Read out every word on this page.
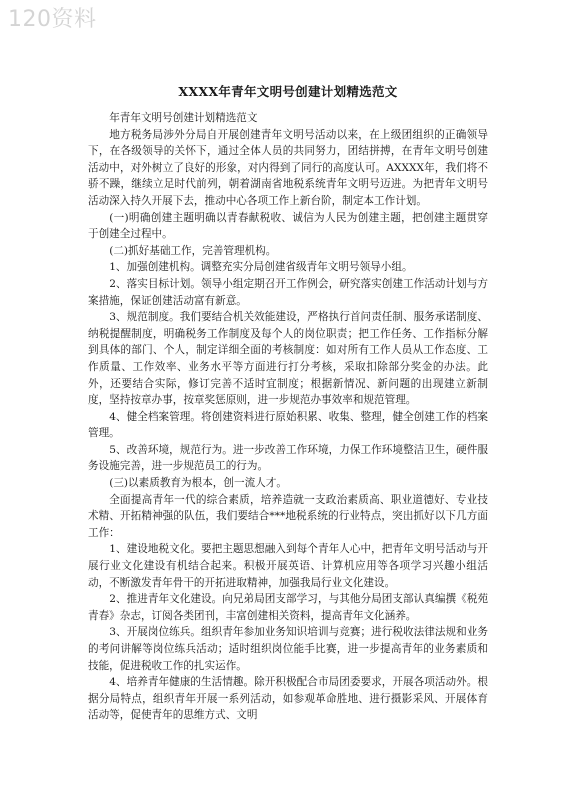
120资料
XXXX年青年文明号创建计划精选范文

年青年文明号创建计划精选范文

地方税务局涉外分局自开展创建青年文明号活动以来，在上级团组织的正确领导下，在各级领导的关怀下，通过全体人员的共同努力，团结拼搏，在青年文明号创建活动中，对外树立了良好的形象，对内得到了同行的高度认可。AXXXX年，我们将不骄不躁，继续立足时代前列，朝着湖南省地税系统青年文明号迈进。为把青年文明号活动深入持久开展下去，推动中心各项工作上新台阶，制定本工作计划。

(一)明确创建主题明确以青春献税收、诚信为人民为创建主题，把创建主题贯穿于创建全过程中。

(二)抓好基础工作，完善管理机构。

1、加强创建机构。调整充实分局创建省级青年文明号领导小组。

2、落实目标计划。领导小组定期召开工作例会，研究落实创建工作活动计划与方案措施，保证创建活动富有新意。

3、规范制度。我们要结合机关效能建设，严格执行首问责任制、服务承诺制度、纳税提醒制度，明确税务工作制度及每个人的岗位职责；把工作任务、工作指标分解到具体的部门、个人，制定详细全面的考核制度：如对所有工作人员从工作态度、工作质量、工作效率、业务水平等方面进行打分考核，采取扣除部分奖金的办法。此外，还要结合实际，修订完善不适时宜制度；根据新情况、新问题的出现建立新制度，坚持按章办事，按章奖惩原则，进一步规范办事效率和规范管理。

4、健全档案管理。将创建资料进行原始积累、收集、整理，健全创建工作的档案管理。

5、改善环境，规范行为。进一步改善工作环境，力保工作环境整洁卫生，硬件服务设施完善，进一步规范员工的行为。

(三)以素质教育为根本，创一流人才。

全面提高青年一代的综合素质，培养造就一支政治素质高、职业道德好、专业技术精、开拓精神强的队伍，我们要结合***地税系统的行业特点，突出抓好以下几方面工作：

1、建设地税文化。要把主题思想融入到每个青年人心中，把青年文明号活动与开展行业文化建设有机结合起来。积极开展英语、计算机应用等各项学习兴趣小组活动，不断激发青年骨干的开拓进取精神，加强我局行业文化建设。

2、推进青年文化建设。向兄弟局团支部学习，与其他分局团支部认真编撰《税苑青春》杂志，订阅各类团刊，丰富创建相关资料，提高青年文化涵养。

3、开展岗位练兵。组织青年参加业务知识培训与竞赛；进行税收法律法规和业务的考问讲解等岗位练兵活动；适时组织岗位能手比赛，进一步提高青年的业务素质和技能，促进税收工作的扎实运作。

4、培养青年健康的生活情趣。除开积极配合市局团委要求，开展各项活动外。根据分局特点，组织青年开展一系列活动，如参观革命胜地、进行摄影采风、开展体育活动等，促使青年的思维方式、文明
